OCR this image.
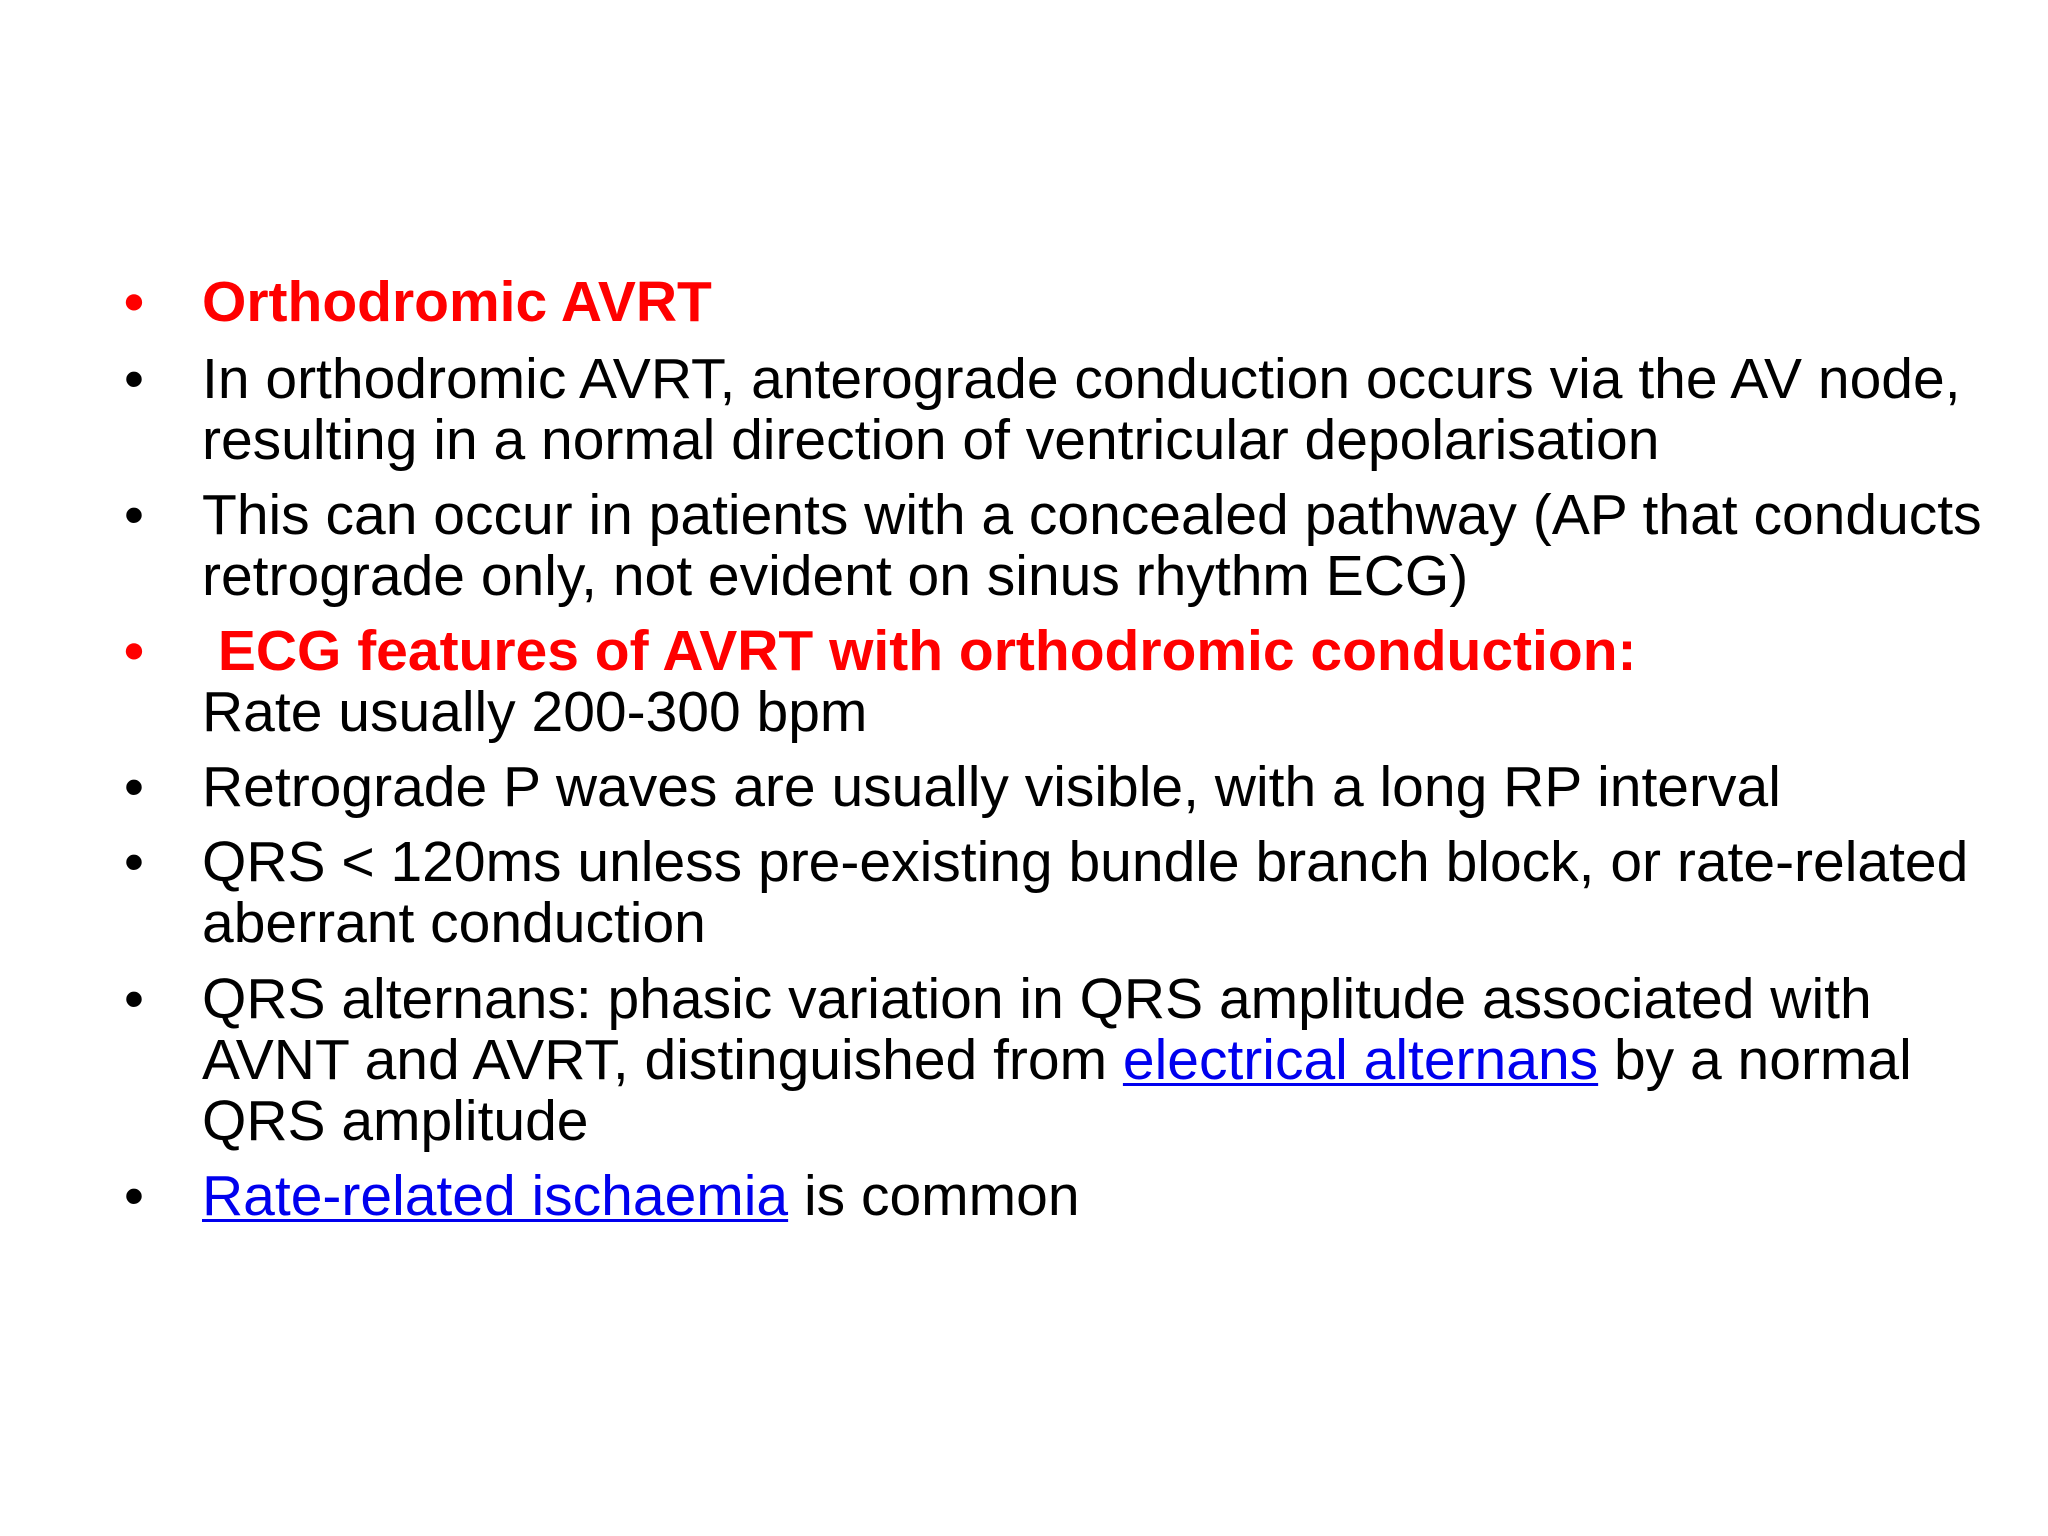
•	Orthodromic AVRT
•	In orthodromic AVRT, anterograde conduction occurs via the AV node, resulting in a normal direction of ventricular depolarisation
•	This can occur in patients with a concealed pathway (AP that conducts retrograde only, not evident on sinus rhythm ECG)
•	ECG features of AVRT with orthodromic conduction:
Rate usually 200-300 bpm
•	Retrograde P waves are usually visible, with a long RP interval
•	QRS < 120ms unless pre-existing bundle branch block, or rate-related aberrant conduction
•	QRS alternans: phasic variation in QRS amplitude associated with AVNT and AVRT, distinguished from electrical alternans by a normal QRS amplitude
•	Rate-related ischaemia is common
